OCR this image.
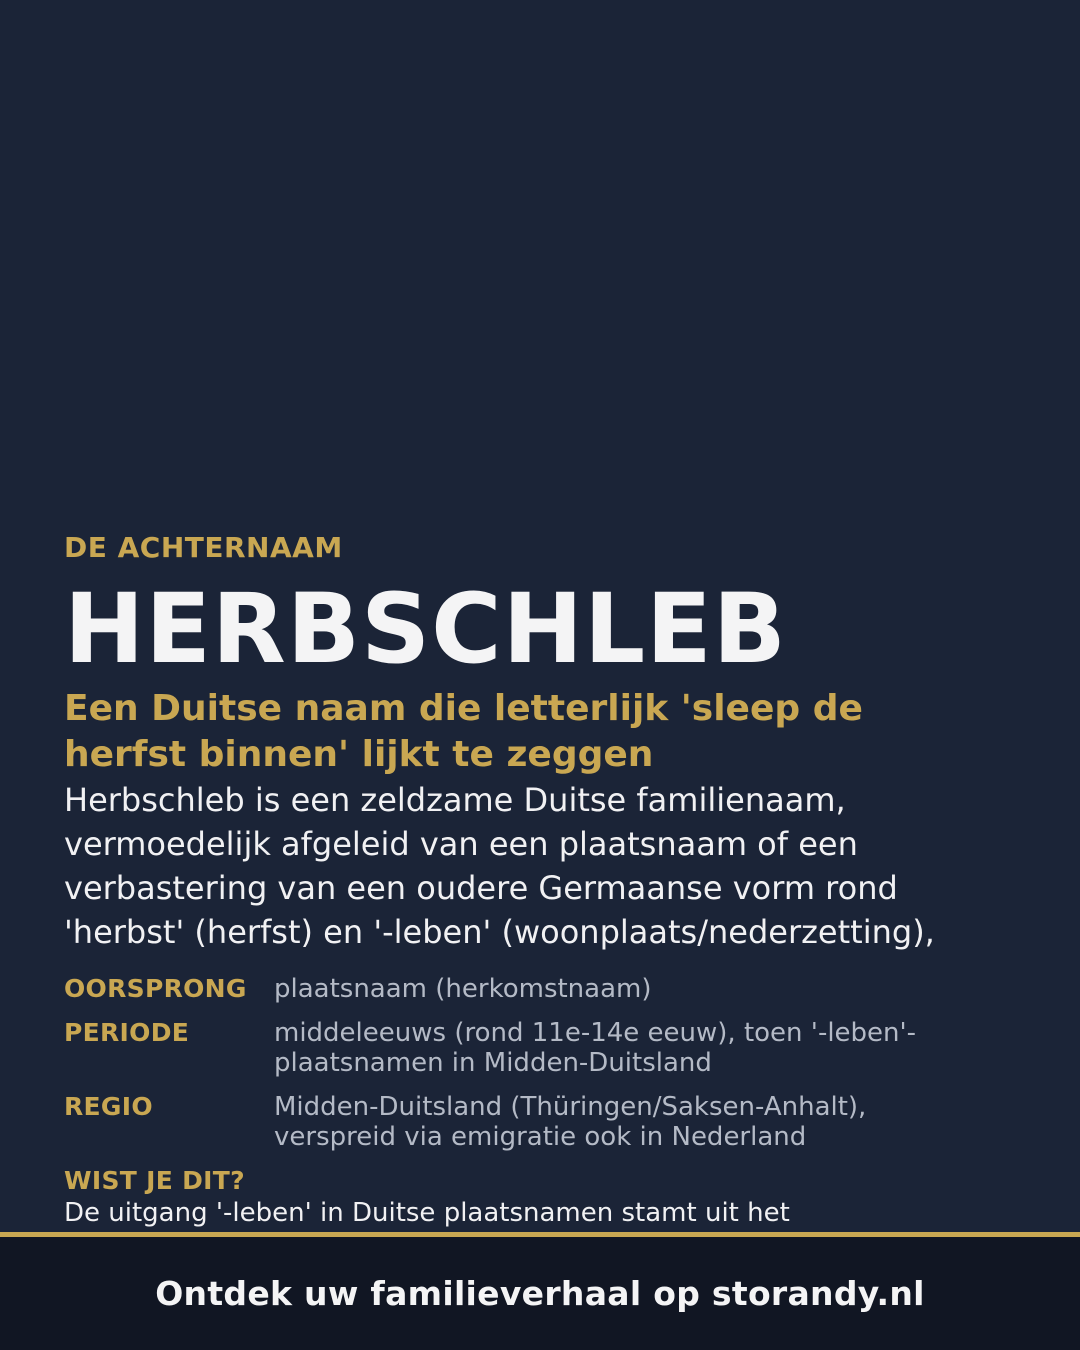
DE ACHTERNAAM

HERBSCHLEB

Een Duitse naam die letterlijk 'sleep de herfst binnen' lijkt te zeggen

Herbschleb is een zeldzame Duitse familienaam, vermoedelijk afgeleid van een plaatsnaam of een verbastering van een oudere Germaanse vorm rond 'herbst' (herfst) en '-leben' (woonplaats/nederzetting),

OORSPRONG	plaatsnaam (herkomstnaam)
PERIODE	middeleeuws (rond 11e-14e eeuw), toen '-leben'-plaatsnamen in Midden-Duitsland
REGIO	Midden-Duitsland (Thüringen/Saksen-Anhalt), verspreid via emigratie ook in Nederland
WIST JE DIT?
De uitgang '-leben' in Duitse plaatsnamen stamt uit het
Ontdek uw familieverhaal op storandy.nl
